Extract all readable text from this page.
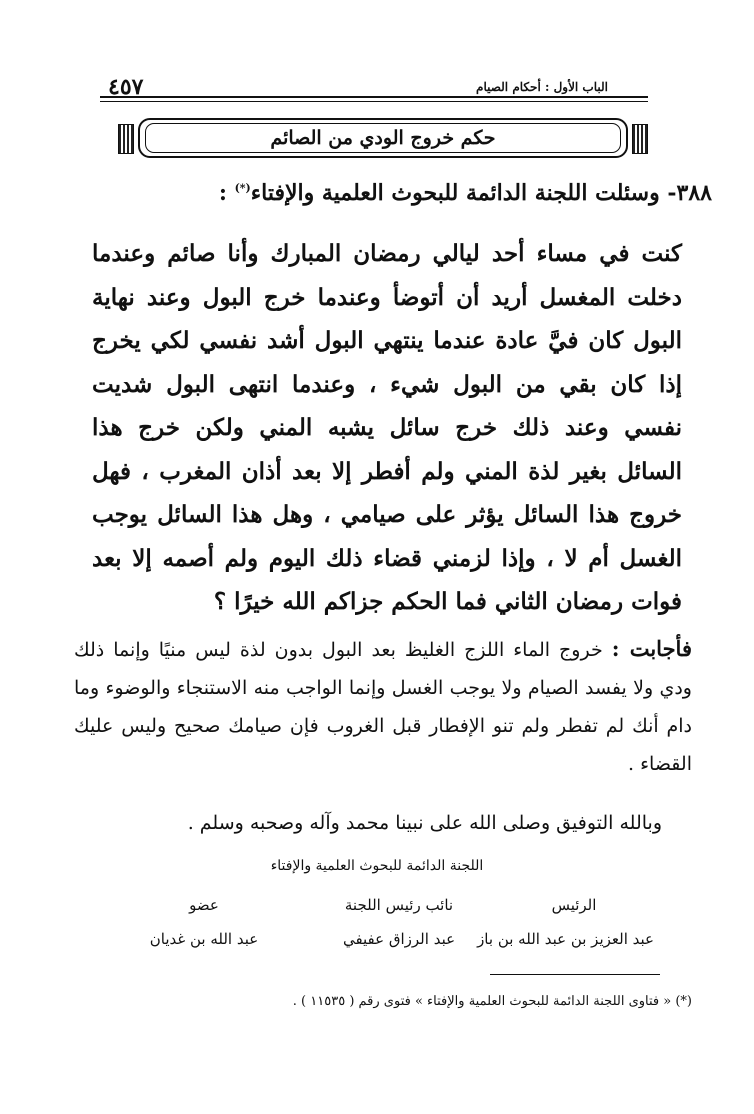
٤٥٧	الباب الأول : أحكام الصيام
حكم خروج الودي من الصائم
٣٨٨- وسئلت اللجنة الدائمة للبحوث العلمية والإفتاء(*) :
كنت في مساء أحد ليالي رمضان المبارك وأنا صائم وعندما دخلت المغسل أريد أن أتوضأ وعندما خرج البول وعند نهاية البول كان فيَّ عادة عندما ينتهي البول أشد نفسي لكي يخرج إذا كان بقي من البول شيء ، وعندما انتهى البول شديت نفسي وعند ذلك خرج سائل يشبه المني ولكن خرج هذا السائل بغير لذة المني ولم أفطر إلا بعد أذان المغرب ، فهل خروج هذا السائل يؤثر على صيامي ، وهل هذا السائل يوجب الغسل أم لا ، وإذا لزمني قضاء ذلك اليوم ولم أصمه إلا بعد فوات رمضان الثاني فما الحكم جزاكم الله خيرًا ؟
فأجابت : خروج الماء اللزج الغليظ بعد البول بدون لذة ليس منيًا وإنما ذلك ودي ولا يفسد الصيام ولا يوجب الغسل وإنما الواجب منه الاستنجاء والوضوء وما دام أنك لم تفطر ولم تنو الإفطار قبل الغروب فإن صيامك صحيح وليس عليك القضاء .
وبالله التوفيق وصلى الله على نبينا محمد وآله وصحبه وسلم .
اللجنة الدائمة للبحوث العلمية والإفتاء
الرئيس
نائب رئيس اللجنة
عضو
عبد العزيز بن عبد الله بن باز
عبد الرزاق عفيفي
عبد الله بن غديان
(*) « فتاوى اللجنة الدائمة للبحوث العلمية والإفتاء » فتوى رقم ( ١١٥٣٥ ) .
